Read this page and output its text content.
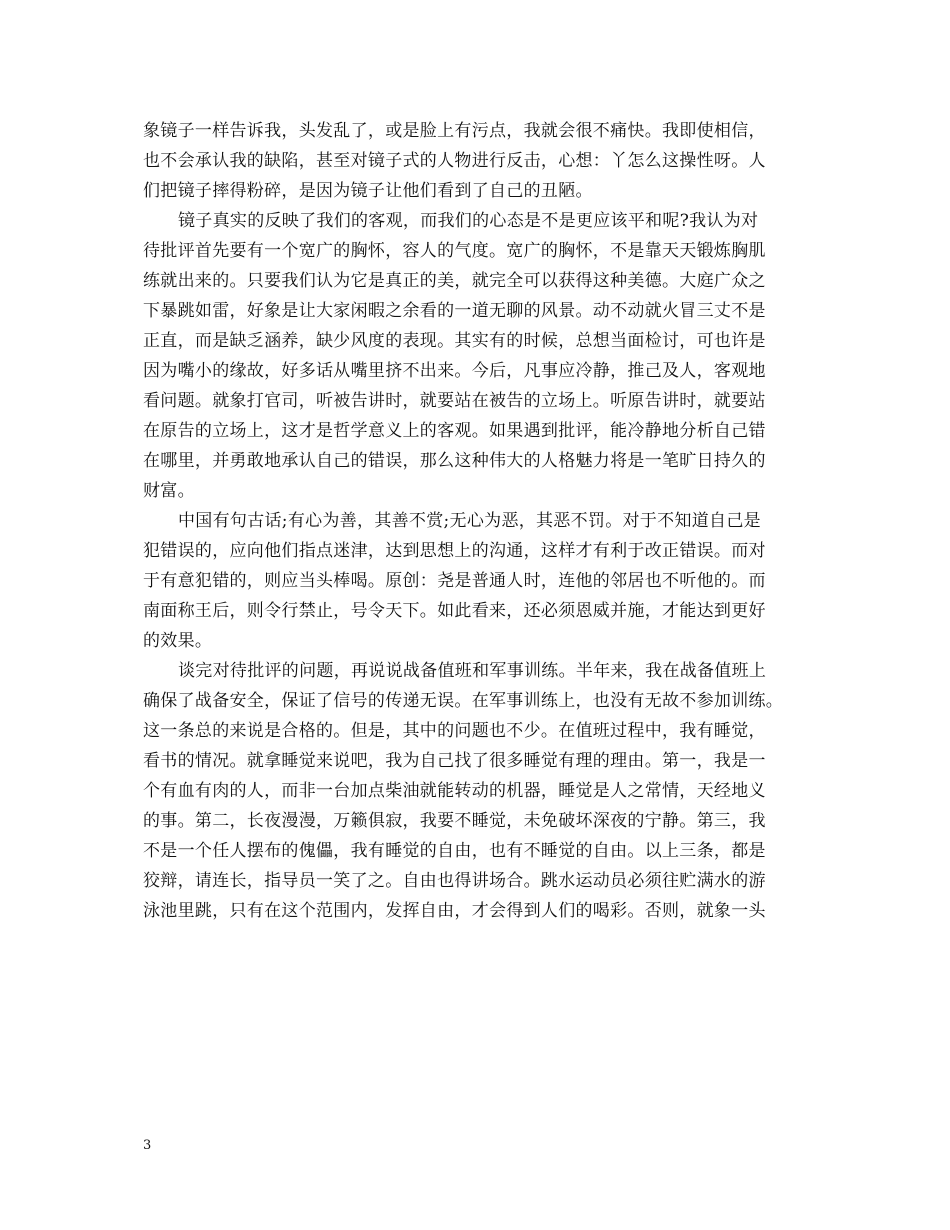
象镜子一样告诉我，头发乱了，或是脸上有污点，我就会很不痛快。我即使相信，
也不会承认我的缺陷，甚至对镜子式的人物进行反击，心想：丫怎么这操性呀。人
们把镜子摔得粉碎，是因为镜子让他们看到了自己的丑陋。
镜子真实的反映了我们的客观，而我们的心态是不是更应该平和呢?我认为对
待批评首先要有一个宽广的胸怀，容人的气度。宽广的胸怀，不是靠天天锻炼胸肌
练就出来的。只要我们认为它是真正的美，就完全可以获得这种美德。大庭广众之
下暴跳如雷，好象是让大家闲暇之余看的一道无聊的风景。动不动就火冒三丈不是
正直，而是缺乏涵养，缺少风度的表现。其实有的时候，总想当面检讨，可也许是
因为嘴小的缘故，好多话从嘴里挤不出来。今后，凡事应冷静，推己及人，客观地
看问题。就象打官司，听被告讲时，就要站在被告的立场上。听原告讲时，就要站
在原告的立场上，这才是哲学意义上的客观。如果遇到批评，能冷静地分析自己错
在哪里，并勇敢地承认自己的错误，那么这种伟大的人格魅力将是一笔旷日持久的
财富。
中国有句古话;有心为善，其善不赏;无心为恶，其恶不罚。对于不知道自己是
犯错误的，应向他们指点迷津，达到思想上的沟通，这样才有利于改正错误。而对
于有意犯错的，则应当头棒喝。原创：尧是普通人时，连他的邻居也不听他的。而
南面称王后，则令行禁止，号令天下。如此看来，还必须恩威并施，才能达到更好
的效果。
谈完对待批评的问题，再说说战备值班和军事训练。半年来，我在战备值班上
确保了战备安全，保证了信号的传递无误。在军事训练上，也没有无故不参加训练。
这一条总的来说是合格的。但是，其中的问题也不少。在值班过程中，我有睡觉，
看书的情况。就拿睡觉来说吧，我为自己找了很多睡觉有理的理由。第一，我是一
个有血有肉的人，而非一台加点柴油就能转动的机器，睡觉是人之常情，天经地义
的事。第二，长夜漫漫，万籁俱寂，我要不睡觉，未免破坏深夜的宁静。第三，我
不是一个任人摆布的傀儡，我有睡觉的自由，也有不睡觉的自由。以上三条，都是
狡辩，请连长，指导员一笑了之。自由也得讲场合。跳水运动员必须往贮满水的游
泳池里跳，只有在这个范围内，发挥自由，才会得到人们的喝彩。否则，就象一头
3
